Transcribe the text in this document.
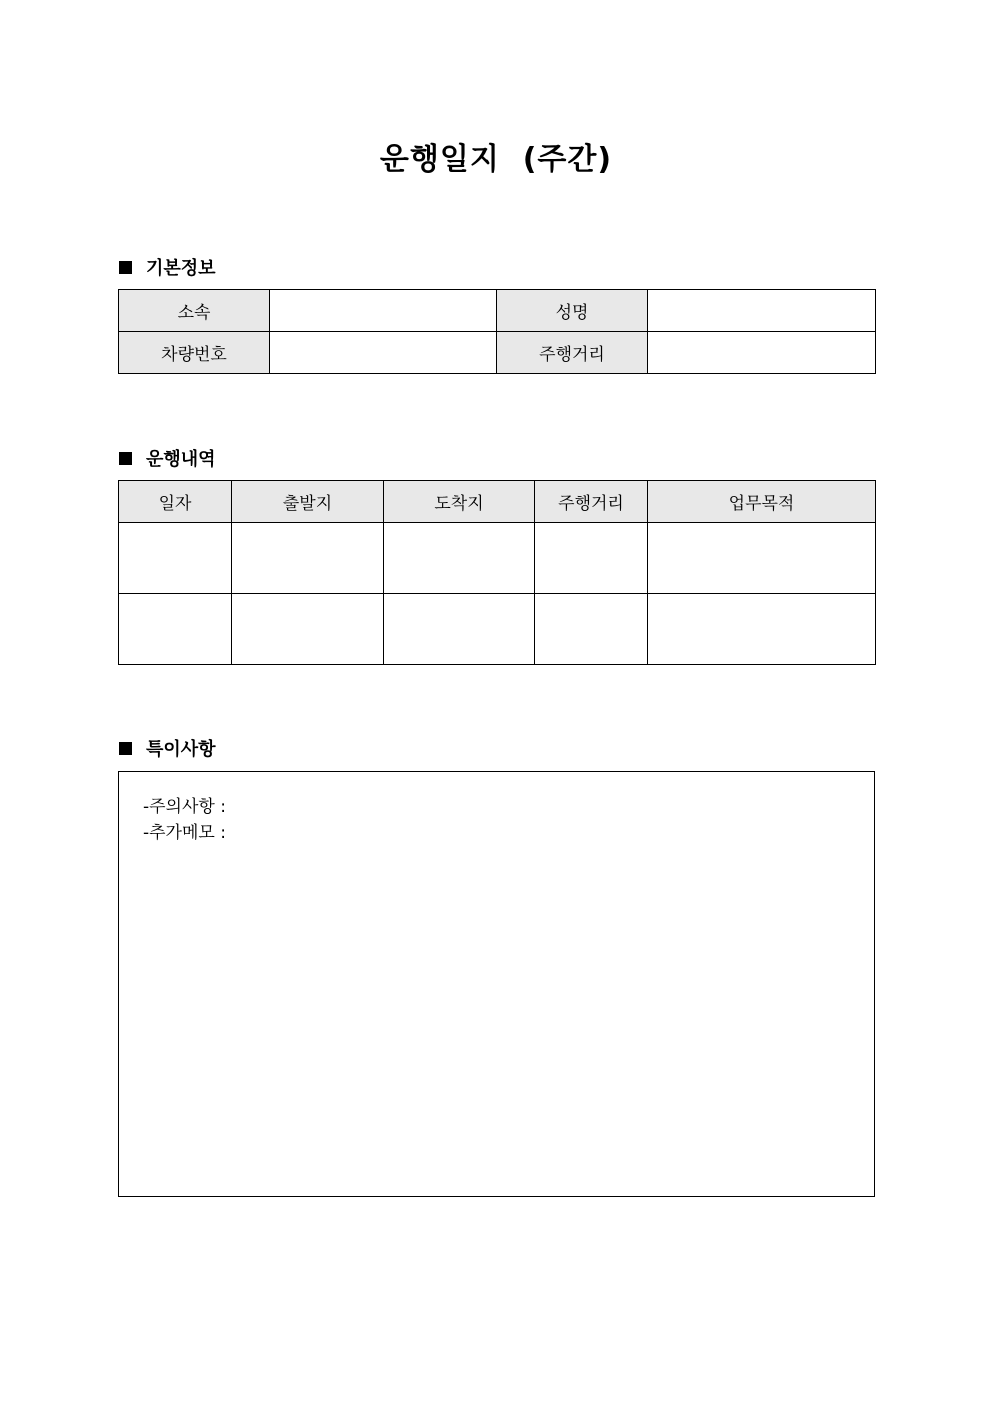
운행일지  (주간)
기본정보
소속		성명	
차량번호		주행거리	
운행내역
일자	출발지	도착지	주행거리	업무목적

특이사항
-주의사항 :
-추가메모 :
